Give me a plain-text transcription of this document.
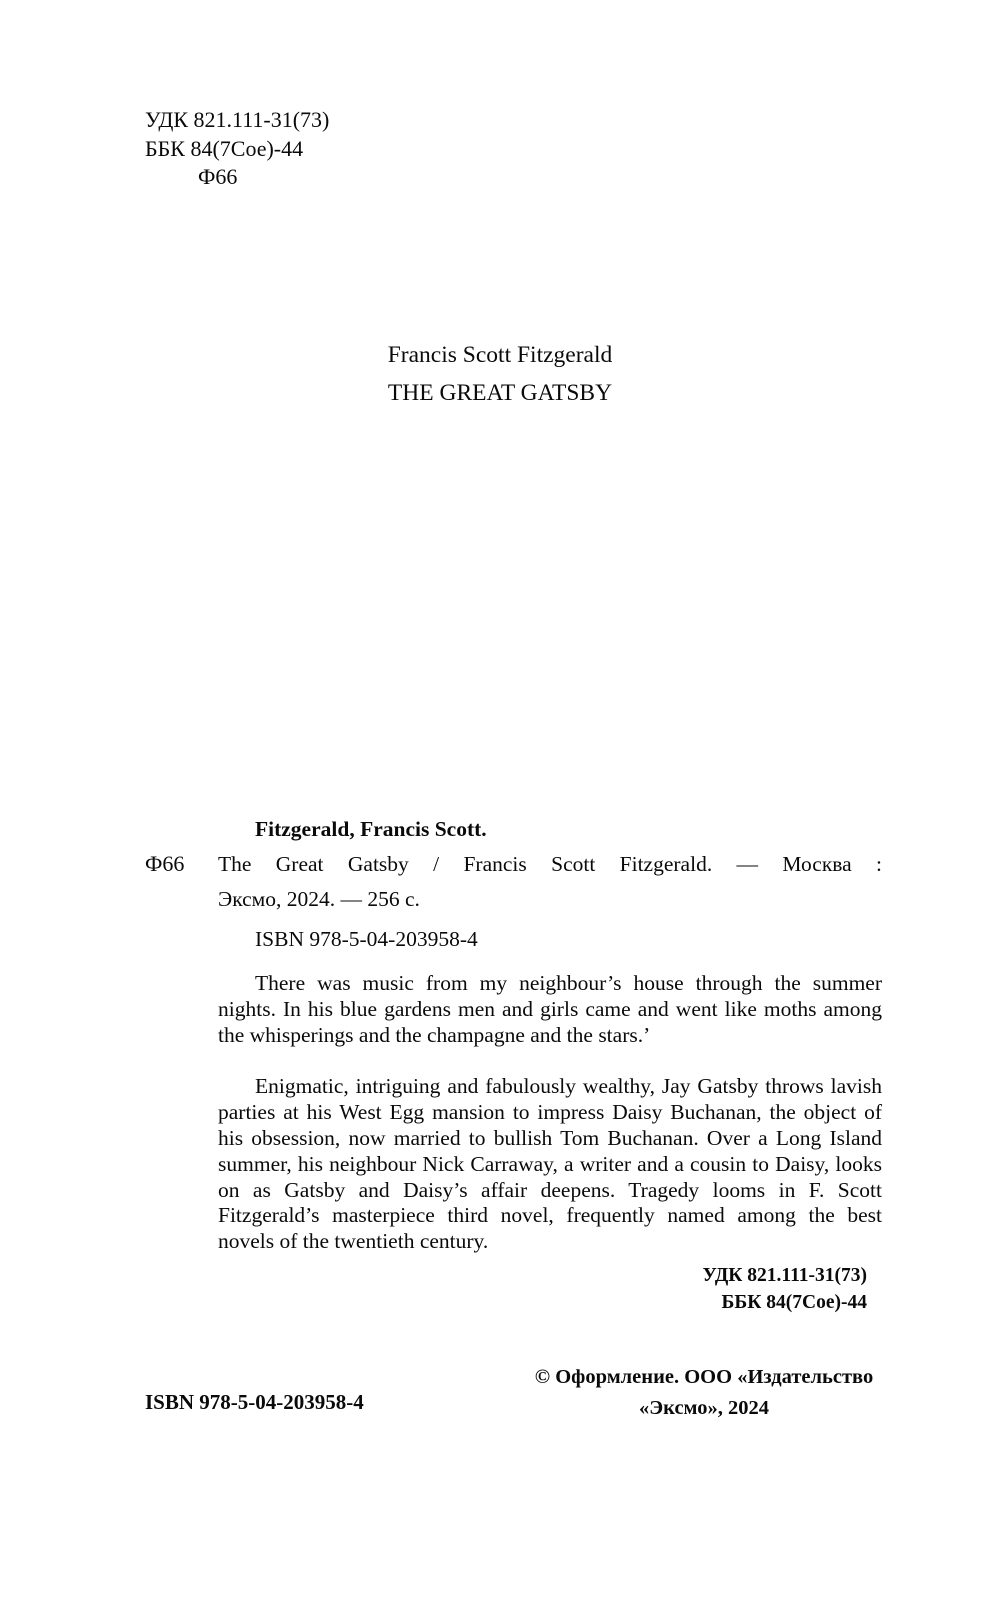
УДК 821.111-31(73)
ББК 84(7Сое)-44
Ф66
Francis Scott Fitzgerald
THE GREAT GATSBY
Ф66
Fitzgerald, Francis Scott.
The Great Gatsby / Francis Scott Fitzgerald. — Москва :
Эксмо, 2024. — 256 с.
ISBN 978-5-04-203958-4

There was music from my neighbour’s house through the summer nights. In his blue gardens men and girls came and went like moths among the whisperings and the champagne and the stars.’

Enigmatic, intriguing and fabulously wealthy, Jay Gatsby throws lavish parties at his West Egg mansion to impress Daisy Buchanan, the object of his obsession, now married to bullish Tom Buchanan. Over a Long Island summer, his neighbour Nick Carraway, a writer and a cousin to Daisy, looks on as Gatsby and Daisy’s affair deepens. Tragedy looms in F. Scott Fitzgerald’s masterpiece third novel, frequently named among the best novels of the twentieth century.

УДК 821.111-31(73)
ББК 84(7Сое)-44
ISBN 978-5-04-203958-4
© Оформление. ООО «Издательство
«Эксмо», 2024
